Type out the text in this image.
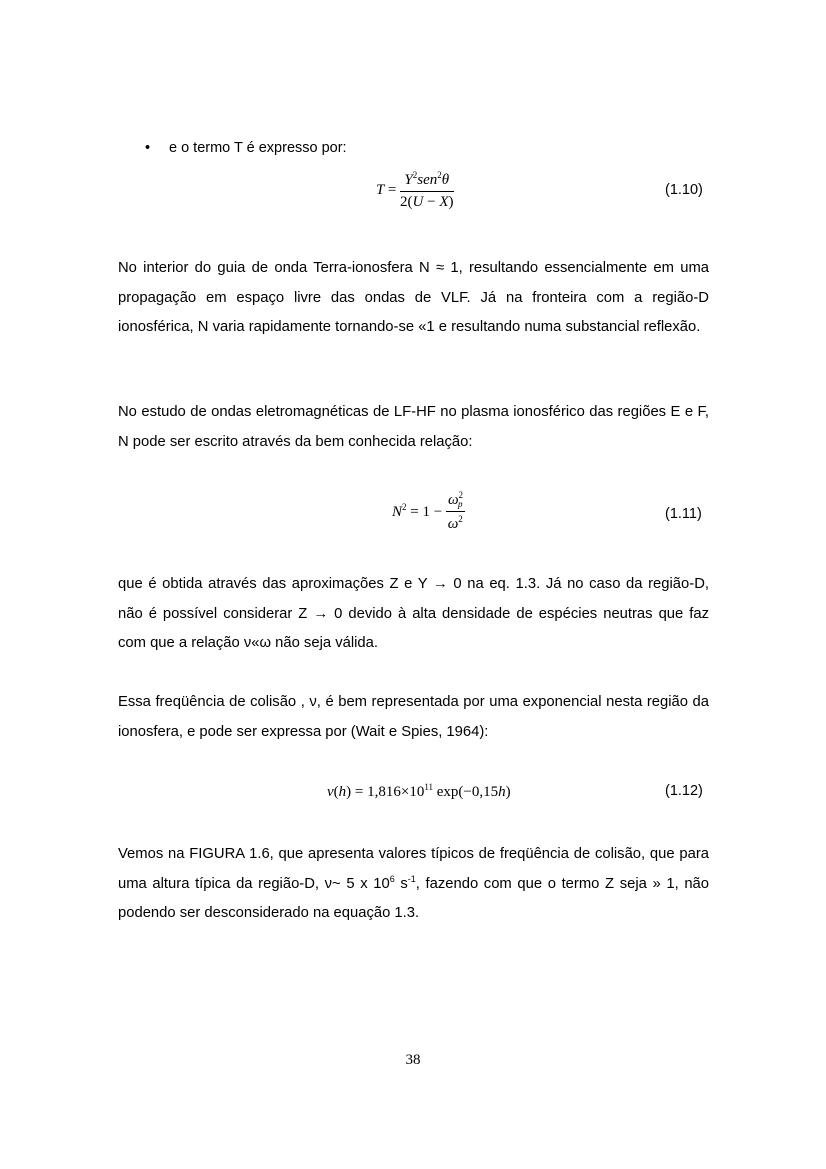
• e o termo T é expresso por:
$T = \frac{Y^2sen^2\theta}{2(U - X)}$	(1.10)

No interior do guia de onda Terra-ionosfera N ≈ 1, resultando essencialmente em uma propagação em espaço livre das ondas de VLF. Já na fronteira com a região-D ionosférica, N varia rapidamente tornando-se «1 e resultando numa substancial reflexão.

No estudo de ondas eletromagnéticas de LF-HF no plasma ionosférico das regiões E e F, N pode ser escrito através da bem conhecida relação:

$N^2 = 1 - \frac{\omega^2_p}{\omega^2}$	(1.11)

que é obtida através das aproximações Z e Y → 0 na eq. 1.3. Já no caso da região-D, não é possível considerar Z → 0 devido à alta densidade de espécies neutras que faz com que a relação ν«ω não seja válida.

Essa freqüência de colisão , ν, é bem representada por uma exponencial nesta região da ionosfera, e pode ser expressa por (Wait e Spies, 1964):

$\nu(h) = 1,816\times 10^{11}$ exp(−0,15h)	(1.12)

Vemos na FIGURA 1.6, que apresenta valores típicos de freqüência de colisão, que para uma altura típica da região-D, ν~ 5 x $10^6$ $s^{-1}$, fazendo com que o termo Z seja » 1, não podendo ser desconsiderado na equação 1.3.

38
